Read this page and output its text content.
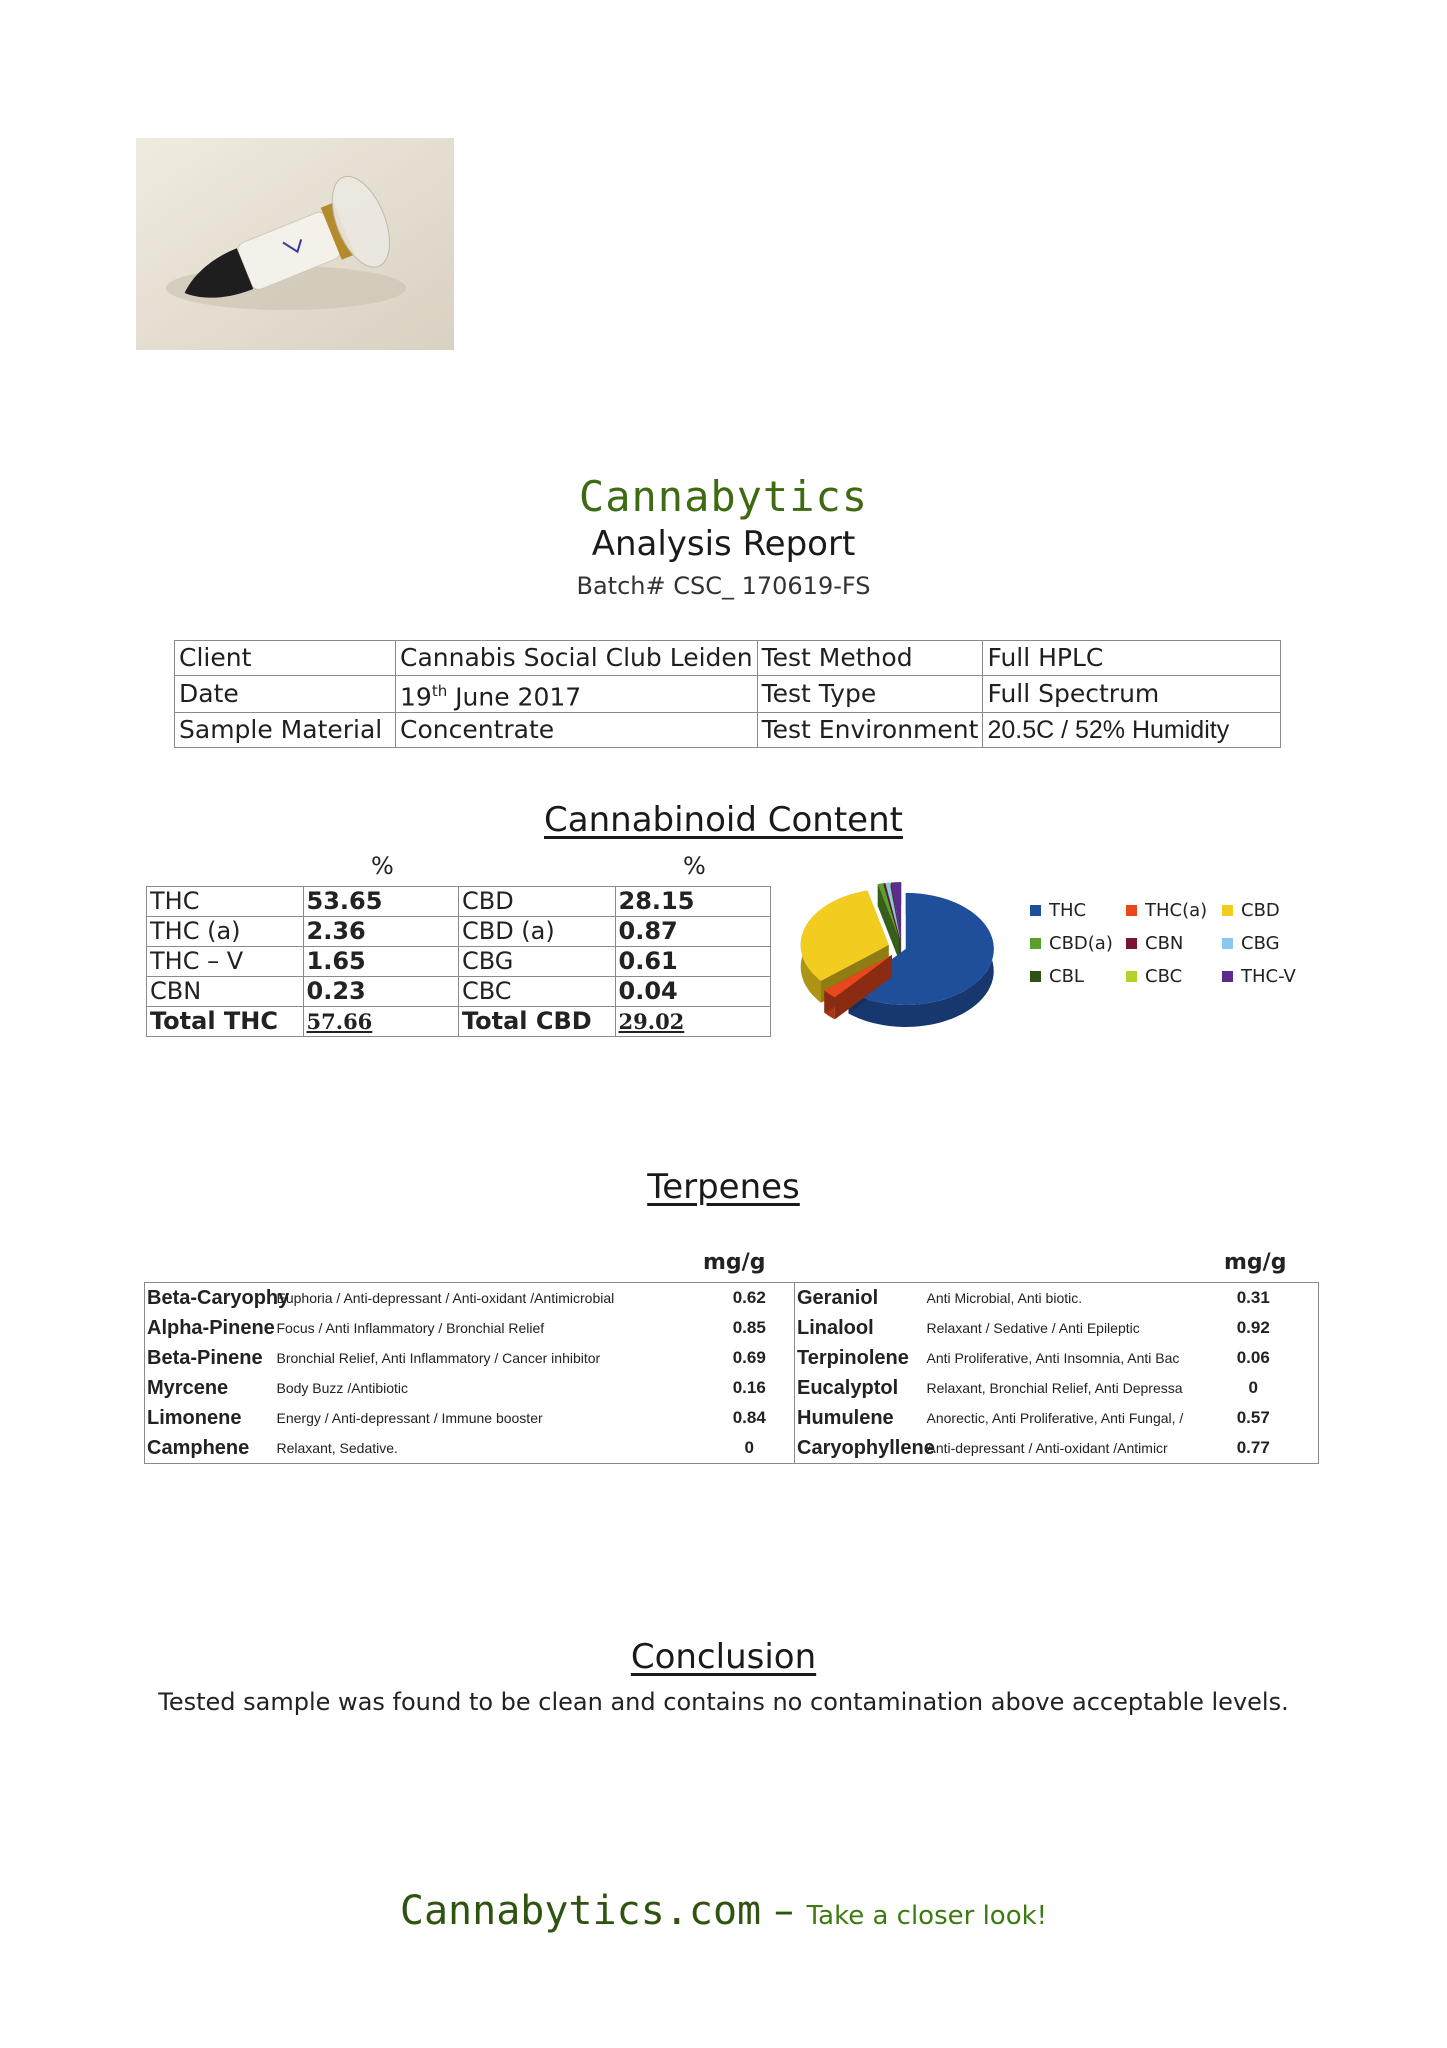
Cannabytics
Analysis Report
Batch# CSC_ 170619-FS
Client	Cannabis Social Club Leiden	Test Method	Full HPLC
Date	19th June 2017	Test Type	Full Spectrum
Sample Material	Concentrate	Test Environment	20.5C / 52% Humidity
Cannabinoid Content
%	%
THC	53.65	CBD	28.15
THC (a)	2.36	CBD (a)	0.87
THC – V	1.65	CBG	0.61
CBN	0.23	CBC	0.04
Total THC	57.66	Total CBD	29.02
THC	THC(a) CBD
CBD(a) CBN	CBG
CBL	CBC	THC-V
Terpenes
mg/g	mg/g
Beta-Caryophy	Euphoria / Anti-depressant / Anti-oxidant /Antimicrobial	0.62
Alpha-Pinene	Focus / Anti Inflammatory / Bronchial Relief	0.85
Beta-Pinene	Bronchial Relief, Anti Inflammatory / Cancer inhibitor	0.69
Myrcene	Body Buzz /Antibiotic	0.16
Limonene	Energy / Anti-depressant / Immune booster	0.84
Camphene	Relaxant, Sedative.	0
Geraniol	Anti Microbial, Anti biotic.	0.31
Linalool	Relaxant / Sedative / Anti Epileptic	0.92
Terpinolene	Anti Proliferative, Anti Insomnia, Anti Bac	0.06
Eucalyptol	Relaxant, Bronchial Relief, Anti Depressa	0
Humulene	Anorectic, Anti Proliferative, Anti Fungal, /	0.57
Caryophyllene	Anti-depressant / Anti-oxidant /Antimicr	0.77
Conclusion
Tested sample was found to be clean and contains no contamination above acceptable levels.
Cannabytics.com – Take a closer look!
